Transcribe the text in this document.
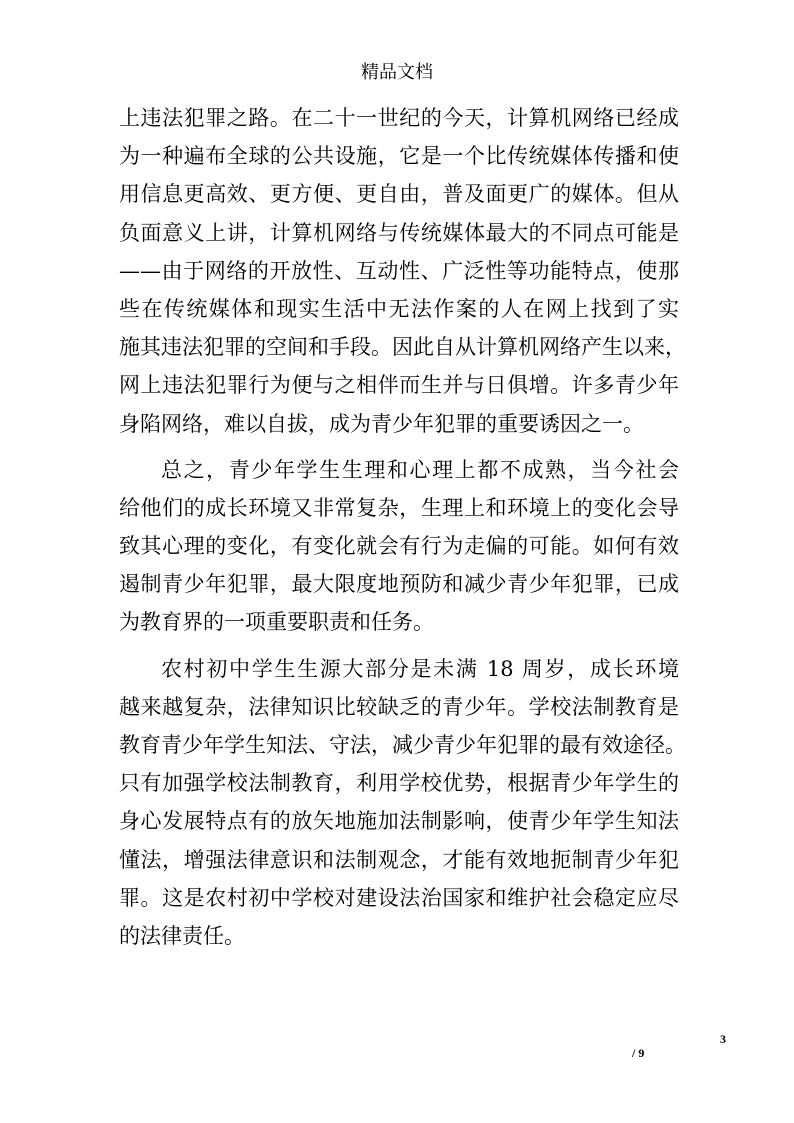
精品文档
上违法犯罪之路。在二十一世纪的今天，计算机网络已经成
为一种遍布全球的公共设施，它是一个比传统媒体传播和使
用信息更高效、更方便、更自由，普及面更广的媒体。但从
负面意义上讲，计算机网络与传统媒体最大的不同点可能是
——由于网络的开放性、互动性、广泛性等功能特点，使那
些在传统媒体和现实生活中无法作案的人在网上找到了实
施其违法犯罪的空间和手段。因此自从计算机网络产生以来，
网上违法犯罪行为便与之相伴而生并与日俱增。许多青少年
身陷网络，难以自拔，成为青少年犯罪的重要诱因之一。
总之，青少年学生生理和心理上都不成熟，当今社会
给他们的成长环境又非常复杂，生理上和环境上的变化会导
致其心理的变化，有变化就会有行为走偏的可能。如何有效
遏制青少年犯罪，最大限度地预防和减少青少年犯罪，已成
为教育界的一项重要职责和任务。
农村初中学生生源大部分是未满 18 周岁，成长环境
越来越复杂，法律知识比较缺乏的青少年。学校法制教育是
教育青少年学生知法、守法，减少青少年犯罪的最有效途径。
只有加强学校法制教育，利用学校优势，根据青少年学生的
身心发展特点有的放矢地施加法制影响，使青少年学生知法
懂法，增强法律意识和法制观念，才能有效地扼制青少年犯
罪。这是农村初中学校对建设法治国家和维护社会稳定应尽
的法律责任。
3
/ 9
